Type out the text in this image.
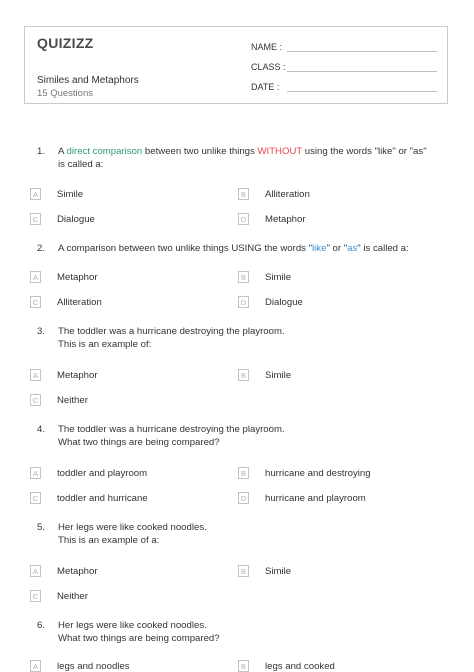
QUIZIZZ
Similes and Metaphors
15 Questions
NAME :
CLASS :
DATE :
1.	A direct comparison between two unlike things WITHOUT using the words "like" or "as"
is called a:
A	Simile	B	Alliteration
C Dialogue	D Metaphor
2.	A comparison between two unlike things USING the words "like" or "as" is called a:
A	Metaphor	B	Simile
C Alliteration	D Dialogue
3.	The toddler was a hurricane destroying the playroom.
This is an example of:
A	Metaphor	B	Simile
C Neither
4.	The toddler was a hurricane destroying the playroom.
What two things are being compared?
A	toddler and playroom	B	hurricane and destroying
C toddler and hurricane	D hurricane and playroom
5.	Her legs were like cooked noodles.
This is an example of a:
A	Metaphor	B	Simile
C Neither
6.	Her legs were like cooked noodles.
What two things are being compared?
A	legs and noodles	B	legs and cooked
